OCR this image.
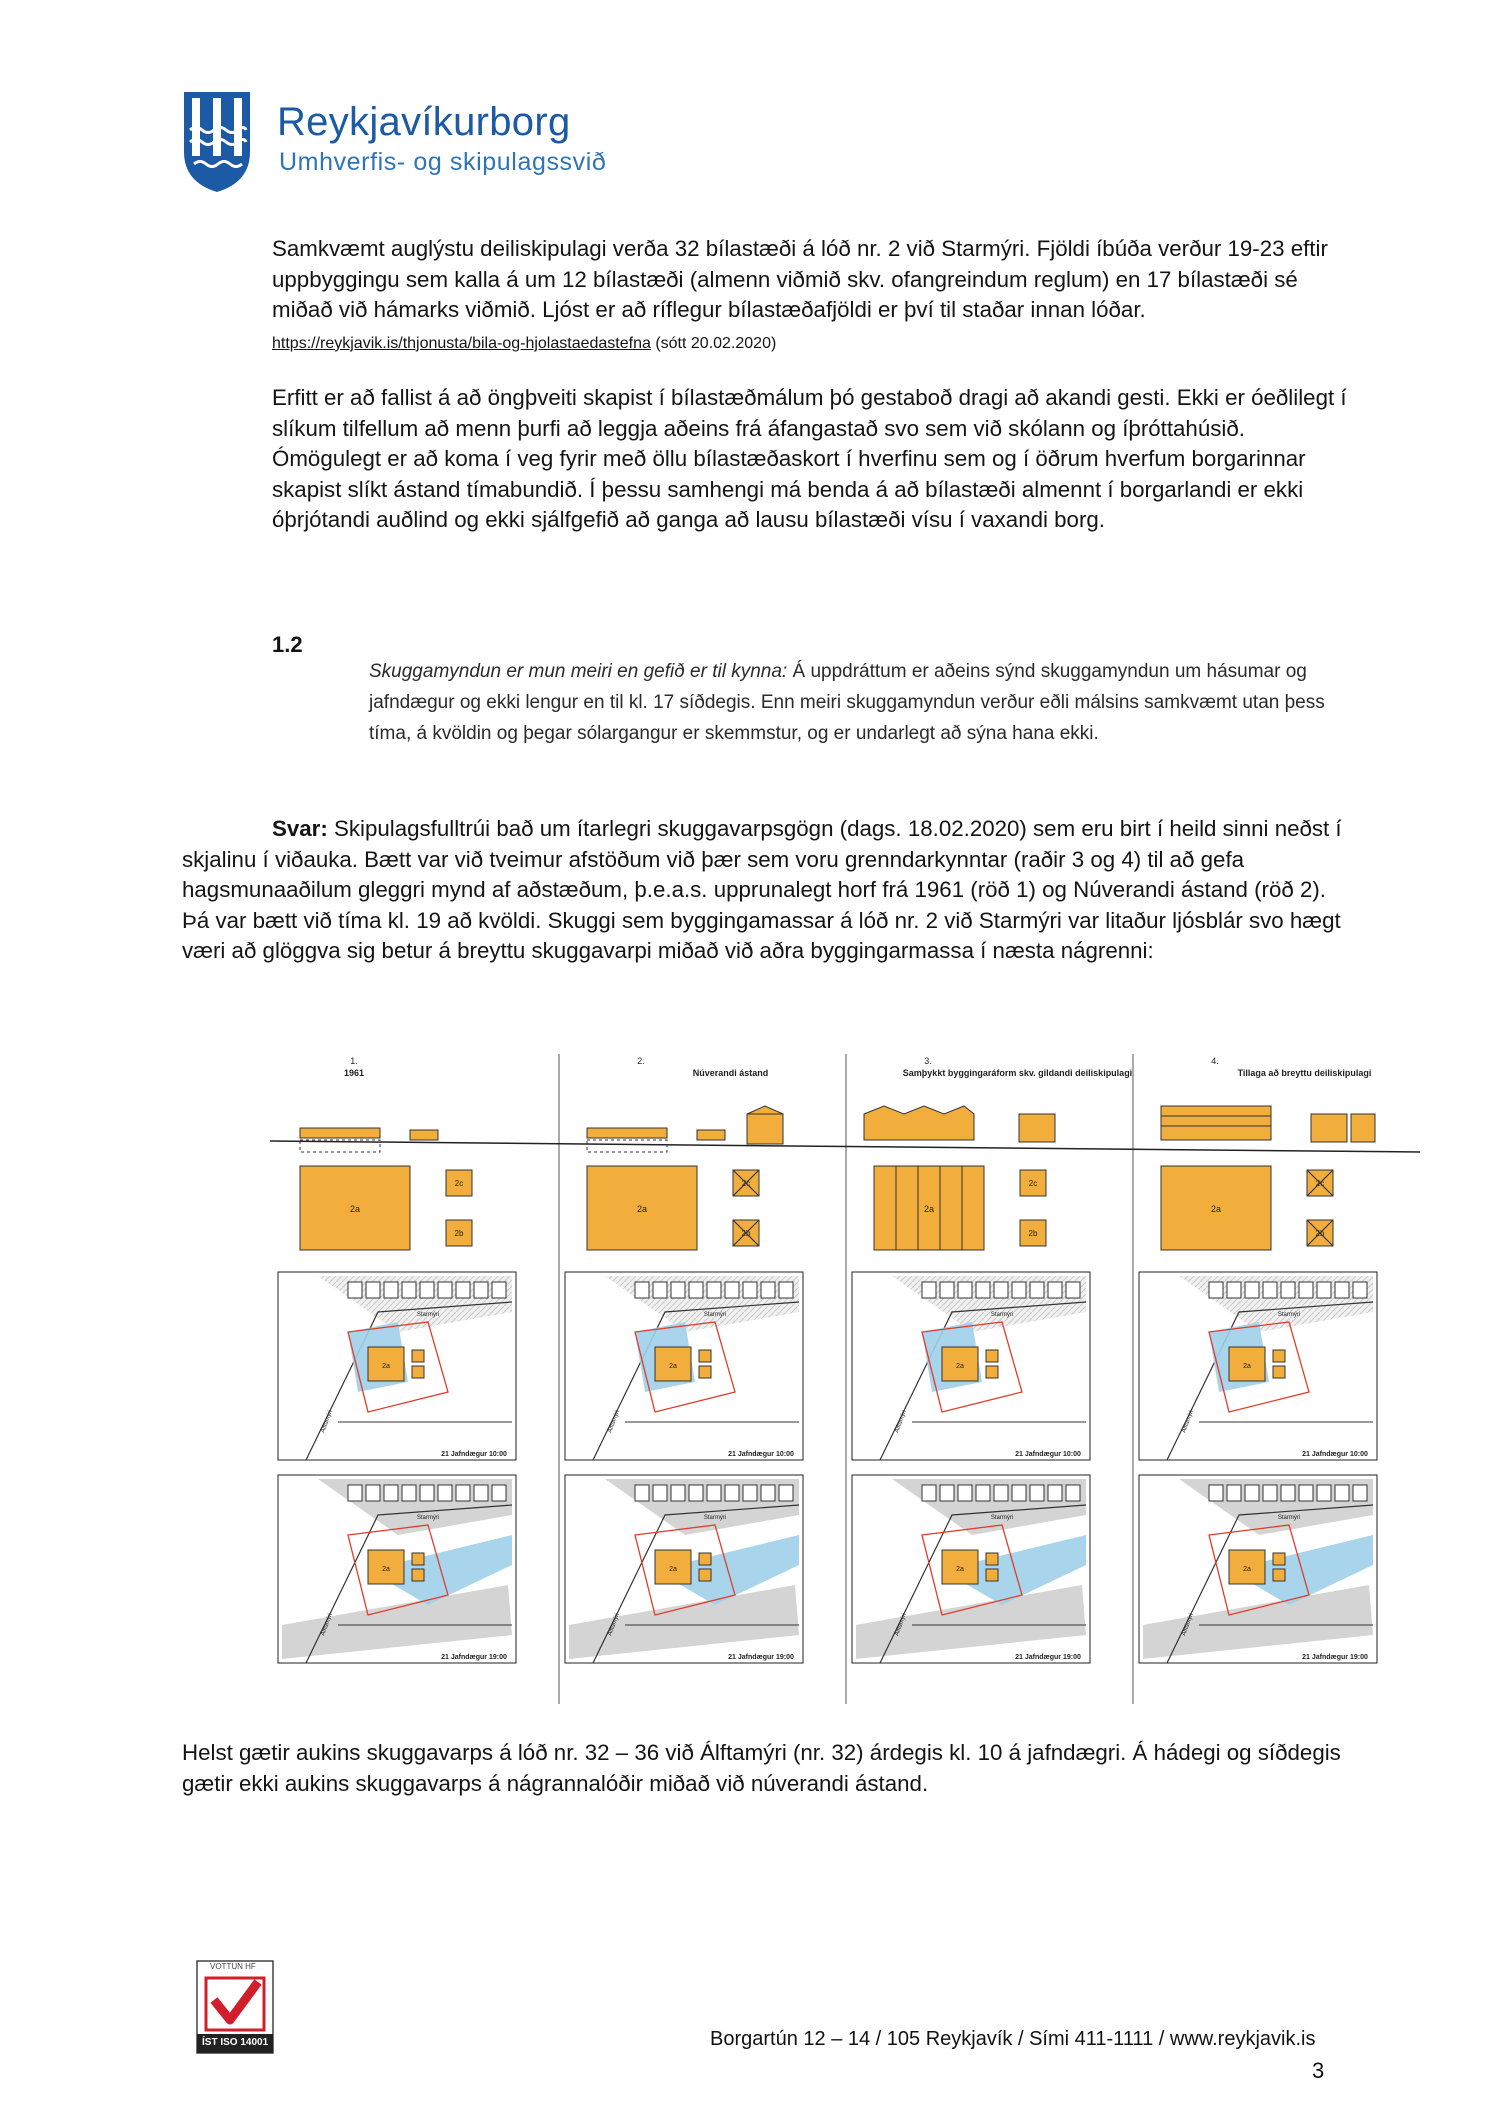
Reykjavíkurborg
Umhverfis- og skipulagssvið
Samkvæmt auglýstu deiliskipulagi verða 32 bílastæði á lóð nr. 2 við Starmýri. Fjöldi íbúða verður 19-23 eftir uppbyggingu sem kalla á um 12 bílastæði (almenn viðmið skv. ofangreindum reglum) en 17 bílastæði sé miðað við hámarks viðmið. Ljóst er að ríflegur bílastæðafjöldi er því til staðar innan lóðar.
https://reykjavik.is/thjonusta/bila-og-hjolastaedastefna (sótt 20.02.2020)
Erfitt er að fallist á að öngþveiti skapist í bílastæðmálum þó gestaboð dragi að akandi gesti. Ekki er óeðlilegt í slíkum tilfellum að menn þurfi að leggja aðeins frá áfangastað svo sem við skólann og íþróttahúsið. Ómögulegt er að koma í veg fyrir með öllu bílastæðaskort í hverfinu sem og í öðrum hverfum borgarinnar skapist slíkt ástand tímabundið. Í þessu samhengi má benda á að bílastæði almennt í borgarlandi er ekki óþrjótandi auðlind og ekki sjálfgefið að ganga að lausu bílastæði vísu í vaxandi borg.
1.2
Skuggamyndun er mun meiri en gefið er til kynna: Á uppdráttum er aðeins sýnd skuggamyndun um hásumar og jafndægur og ekki lengur en til kl. 17 síðdegis. Enn meiri skuggamyndun verður eðli málsins samkvæmt utan þess tíma, á kvöldin og þegar sólargangur er skemmstur, og er undarlegt að sýna hana ekki.
Svar: Skipulagsfulltrúi bað um ítarlegri skuggavarpsgögn (dags. 18.02.2020) sem eru birt í heild sinni neðst í skjalinu í viðauka. Bætt var við tveimur afstöðum við þær sem voru grenndarkynntar (raðir 3 og 4) til að gefa hagsmunaaðilum gleggri mynd af aðstæðum, þ.e.a.s. upprunalegt horf frá 1961 (röð 1) og Núverandi ástand (röð 2). Þá var bætt við tíma kl. 19 að kvöldi. Skuggi sem byggingamassar á lóð nr. 2 við Starmýri var litaður ljósblár svo hægt væri að glöggva sig betur á breyttu skuggavarpi miðað við aðra byggingarmassa í næsta nágrenni:
1.
1961
2a
2c
2b
2a
Starmýri
Álftamýri
21 Jafndægur 10:00
2a
Starmýri
Álftamýri
21 Jafndægur 19:00
2.
Núverandi ástand
2a
2c
2b
2a
Starmýri
Álftamýri
21 Jafndægur 10:00
2a
Starmýri
Álftamýri
21 Jafndægur 19:00
3.
Samþykkt byggingaráform skv. gildandi deiliskipulagi
2a
2c
2b
2a
Starmýri
Álftamýri
21 Jafndægur 10:00
2a
Starmýri
Álftamýri
21 Jafndægur 19:00
4.
Tillaga að breyttu deiliskipulagi
2a
2c
2b
2a
Starmýri
Álftamýri
21 Jafndægur 10:00
2a
Starmýri
Álftamýri
21 Jafndægur 19:00
Helst gætir aukins skuggavarps á lóð nr. 32 – 36 við Álftamýri (nr. 32) árdegis kl. 10 á jafndægri. Á hádegi og síðdegis gætir ekki aukins skuggavarps á nágrannalóðir miðað við núverandi ástand.
VOTTUN HF
ÍST ISO 14001	Borgartún 12 – 14 / 105 Reykjavík / Sími 411-1111 / www.reykjavik.is
3
